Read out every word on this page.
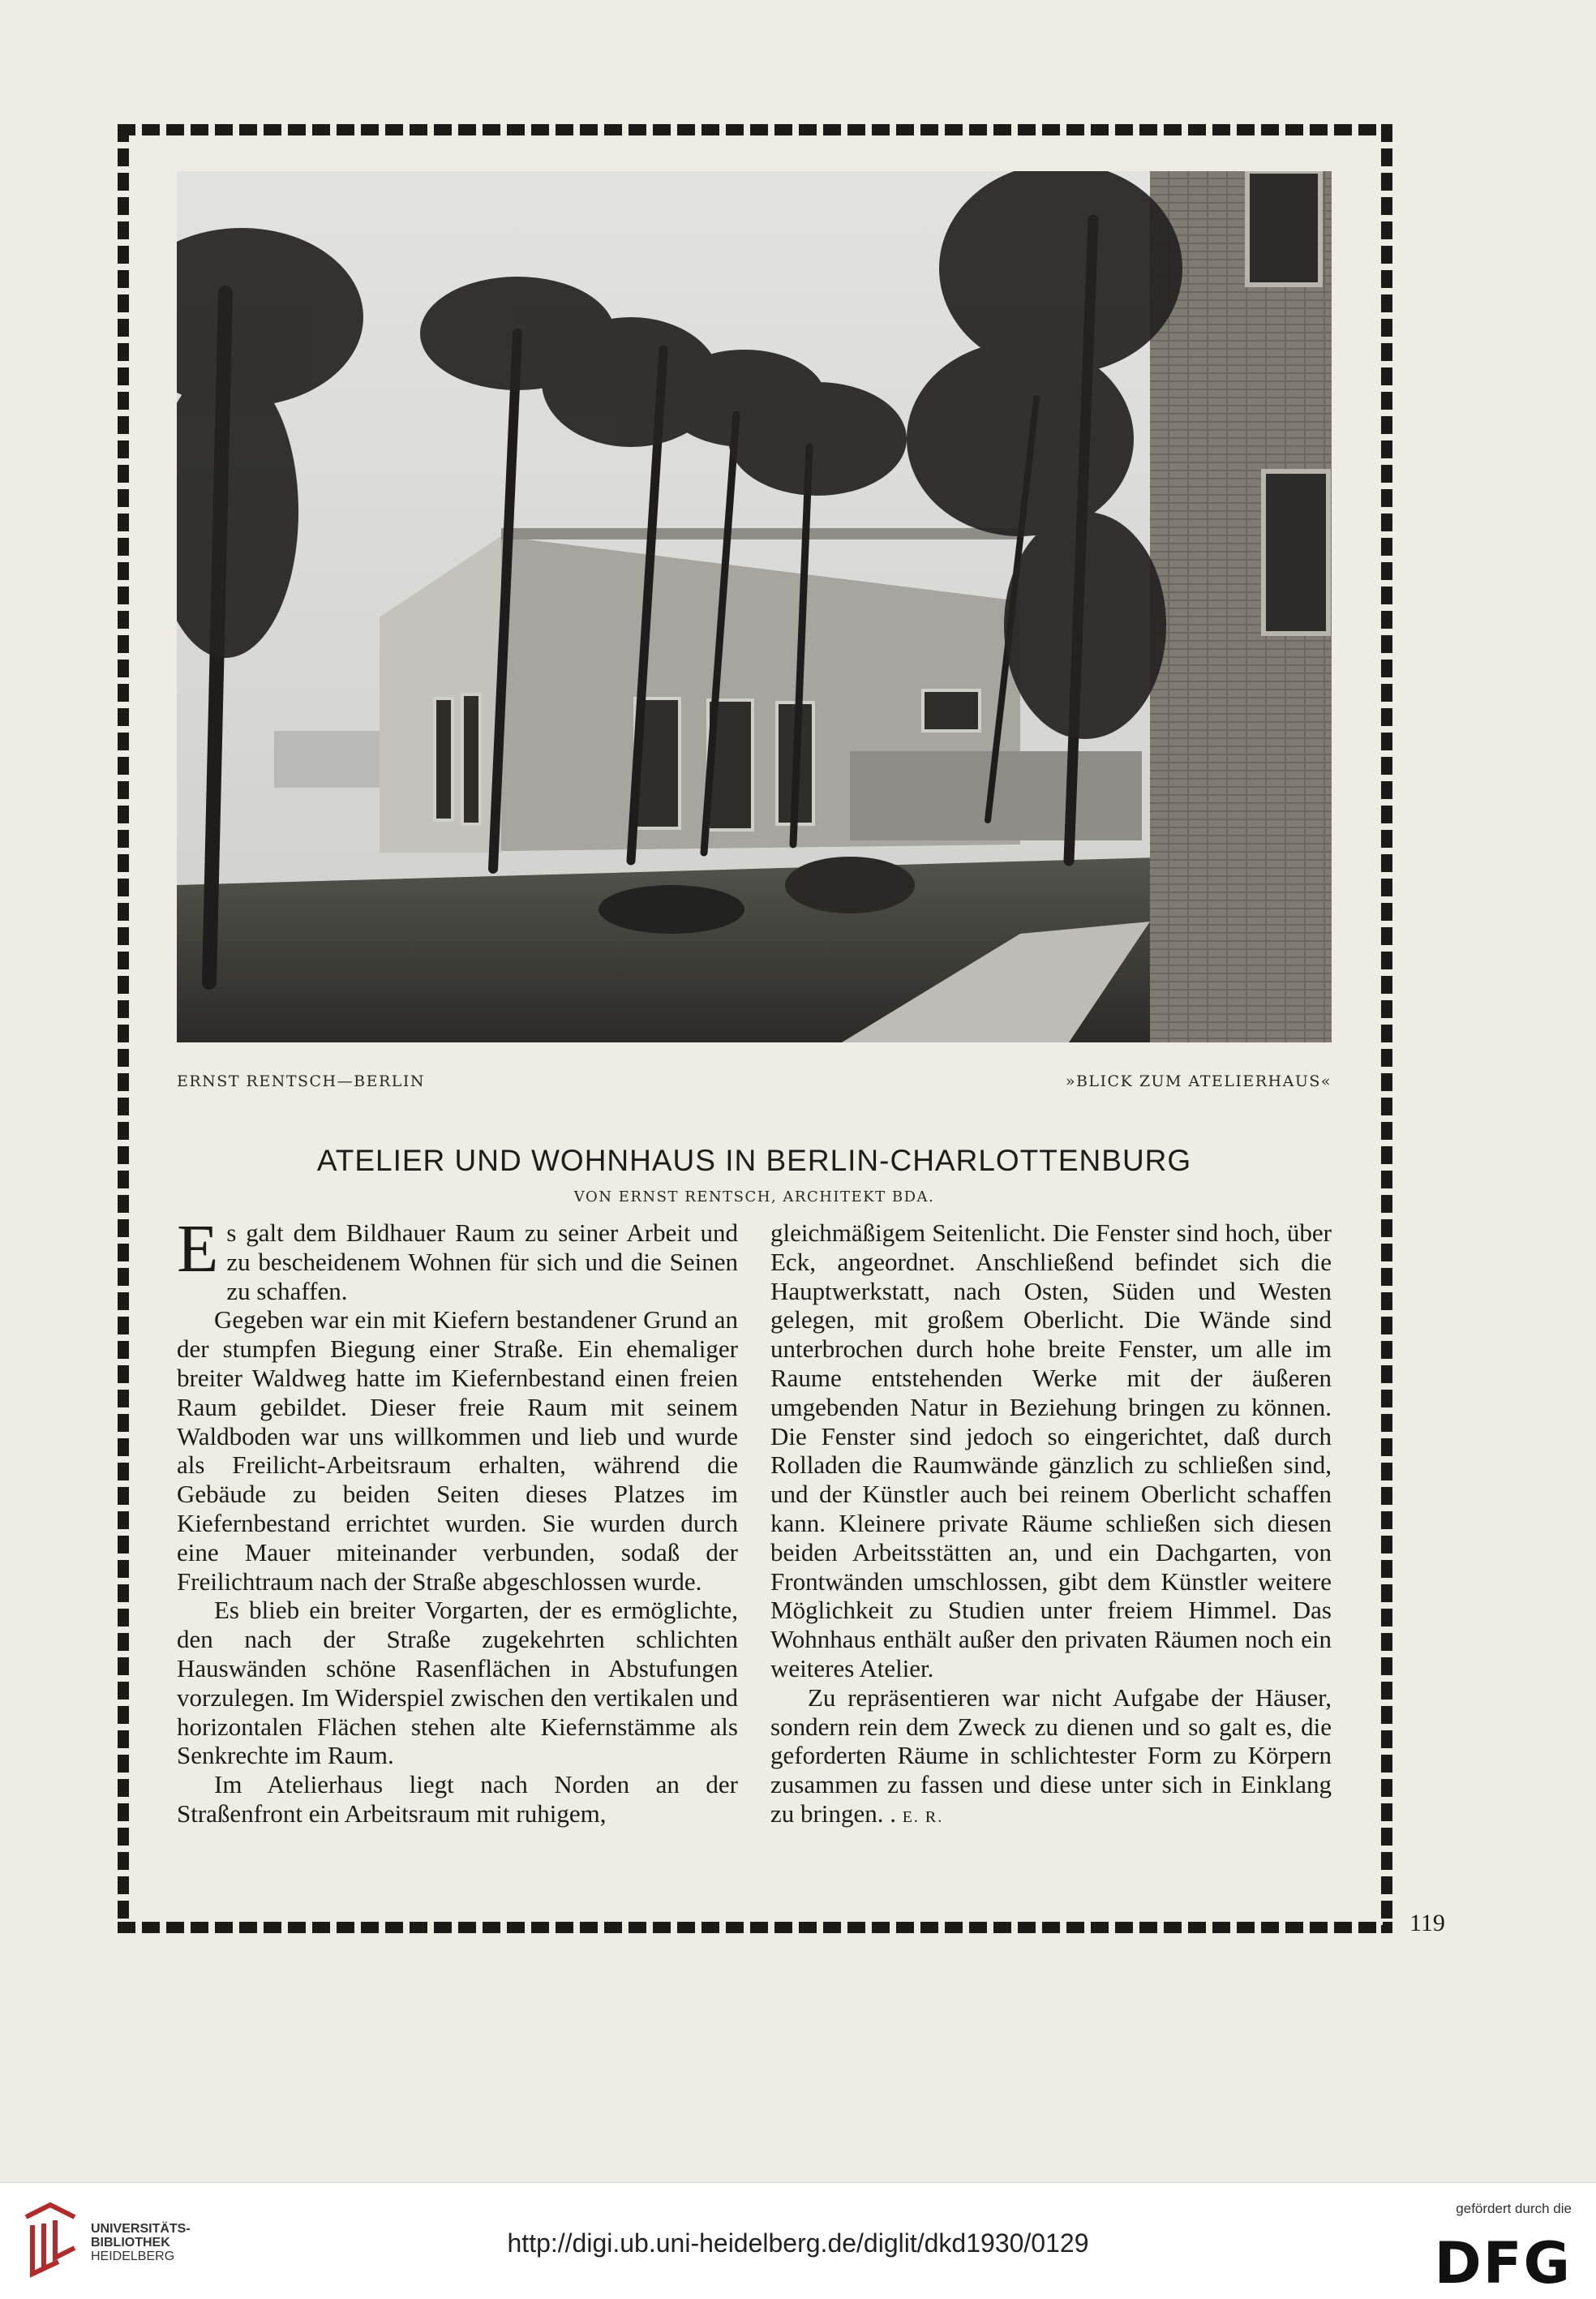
ERNST RENTSCH—BERLIN	»BLICK ZUM ATELIERHAUS«
ATELIER UND WOHNHAUS IN BERLIN-CHARLOTTENBURG
VON ERNST RENTSCH, ARCHITEKT BDA.

Es galt dem Bildhauer Raum zu seiner Arbeit und zu bescheidenem Wohnen für sich und die Seinen zu schaffen.

Gegeben war ein mit Kiefern bestandener Grund an der stumpfen Biegung einer Straße. Ein ehemaliger breiter Waldweg hatte im Kiefernbestand einen freien Raum gebildet. Dieser freie Raum mit seinem Waldboden war uns willkommen und lieb und wurde als Freilicht-Arbeitsraum erhalten, während die Gebäude zu beiden Seiten dieses Platzes im Kiefernbestand errichtet wurden. Sie wurden durch eine Mauer miteinander verbunden, sodaß der Freilichtraum nach der Straße abgeschlossen wurde.

Es blieb ein breiter Vorgarten, der es ermöglichte, den nach der Straße zugekehrten schlichten Hauswänden schöne Rasenflächen in Abstufungen vorzulegen. Im Widerspiel zwischen den vertikalen und horizontalen Flächen stehen alte Kiefernstämme als Senkrechte im Raum.

Im Atelierhaus liegt nach Norden an der Straßenfront ein Arbeitsraum mit ruhigem,

gleichmäßigem Seitenlicht. Die Fenster sind hoch, über Eck, angeordnet. Anschließend befindet sich die Hauptwerkstatt, nach Osten, Süden und Westen gelegen, mit großem Oberlicht. Die Wände sind unterbrochen durch hohe breite Fenster, um alle im Raume entstehenden Werke mit der äußeren umgebenden Natur in Beziehung bringen zu können. Die Fenster sind jedoch so eingerichtet, daß durch Rolladen die Raumwände gänzlich zu schließen sind, und der Künstler auch bei reinem Oberlicht schaffen kann. Kleinere private Räume schließen sich diesen beiden Arbeitsstätten an, und ein Dachgarten, von Frontwänden umschlossen, gibt dem Künstler weitere Möglichkeit zu Studien unter freiem Himmel. Das Wohnhaus enthält außer den privaten Räumen noch ein weiteres Atelier.

Zu repräsentieren war nicht Aufgabe der Häuser, sondern rein dem Zweck zu dienen und so galt es, die geforderten Räume in schlichtester Form zu Körpern zusammen zu fassen und diese unter sich in Einklang zu bringen. . E. R.

119
UNIVERSITÄTS-
BIBLIOTHEK
HEIDELBERG	http://digi.ub.uni-heidelberg.de/diglit/dkd1930/0129
gefördert durch die
DFG
